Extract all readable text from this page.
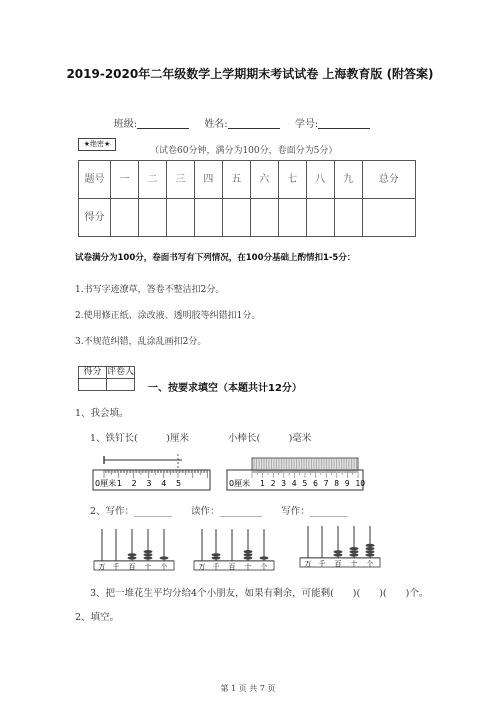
2019-2020年二年级数学上学期期末考试试卷 上海教育版 (附答案)
班级:	姓名:	学号:
★绝密★
（试卷60分钟，满分为100分，卷面分为5分）
题号	一	二	三	四	五	六	七	八	九	总分
得分										
试卷满分为100分，卷面书写有下列情况，在100分基础上酌情扣1-5分：
1.书写字迹潦草，答卷不整洁扣2分。
2.使用修正纸、涂改液、透明胶等纠错扣1分。
3.不规范纠错，乱涂乱画扣2分。
得分	评卷人

一、按要求填空（本题共计12分）
1、我会填。
1、铁钉长(　　　)厘米	小棒长(　　　)毫米
0厘米 1 2 3 4 5	0厘米 1 2 3 4 5 6 7 8 9 10
2、写作：________　　读作：_________　　写作：________
万 千 百 十 个	万 千 百 十 个	万 千 百 十 个
3、把一堆花生平均分给4个小朋友，如果有剩余，可能剩(　　)(　　)(　　)个。
2、填空。
第 1 页 共 7 页
